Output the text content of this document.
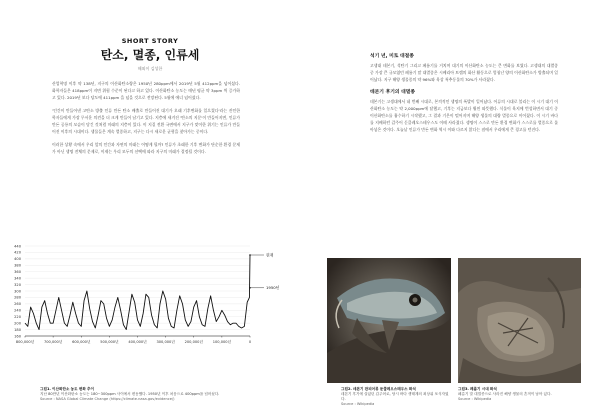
SHORT STORY
탄소, 멸종, 인류세
해외이 김성한

산업혁명 이후 약 138년, 지구의 이산화탄소량은 1950년 280ppm에서 2019년 5월 412ppm을 넘어섰다. 화학자들은 418ppm이 지면 위험 수준이 된다고 하고 있다. 이산화탄소 농도는 매년 평균 약 3ppm 씩 증가하고 있다. 2019년 보다 당도에 411ppm 을 넘을 것으로 전망된다. 5월에 에너 넘어섰다.

'인간이 만들어낸 고탄소 방출 인류 만든 탄소 배출로 만들어진 대기가 오래 기후변화를 일으켰다'라는 잔인한 학자들에게 가장 무서운 의견을 더 크게 만들어 남기고 있다. 지층에 새겨진 '탄소의 지문'이 만들어지면, 인류가 만든 공룡의 모습이 담긴 것처럼 미래의 지층이 있다. 이 지질 전환 국면에서 지구가 맞이한 위기는 인류가 만들어진 이후의 시대이다. 생물들은 계속 멸종하고, 지구는 다시 새로운 균형을 찾아가는 중이다.

이러한 상황 속에서 우리 앞의 인간과 자연의 미래는 어떻게 될까? 인류가 초래한 기후 변화가 단순한 환경 문제가 아닌 생명 전체의 문제로, 이제는 우리 모두의 선택에 따라 지구의 미래가 결정될 것이다.

160
180
200
220
240
260
280
300
320
340
360
380
400
420
440
800,000년	700,000년	600,000년	500,000년	400,000년	300,000년	200,000년	100,000년	0
현재
1950년
그림1. 이산화탄소 농도 변화 추이
지난 80만년 이산화탄소 농도는 180~300ppm 사이에서 변동했다. 1950년 이후 처음으로 400ppm을 넘어섰다.
Source : NASA Global Climate Change (https://climate.nasa.gov/evidence/)
석기 년, 미토 대절종

고생대 데본기, 석탄기 그리고 페름기를 거치며 대기의 이산화탄소 농도는 큰 변화를 보였다. 고생대의 대멸종 중 가장 큰 규모였던 페름기 말 대멸종은 시베리아 트랩의 화산 활동으로 엄청난 양의 이산화탄소가 방출되며 일어났다. 지구 해양 생물종의 약 96%와 육상 척추동물의 70%가 사라졌다.

데본기 후기의 대멸종

데본기는 고생대에서 네 번째 시대로, 본격적인 생명의 폭발이 일어났다. 어류의 시대로 불리는 이 시기 대기 이산화탄소 농도는 약 2,000ppm에 달했고, 기후는 지금보다 훨씬 따뜻했다. 식물이 육지에 번성하면서 대기 중 이산화탄소를 흡수하기 시작했고, 그 결과 기온이 떨어지며 해양 생물의 대량 멸종으로 이어졌다. 이 시기 바다를 지배하던 갑주어 둔클레오스테우스도 이때 사라졌다. 생명이 스스로 만든 환경 변화가 스스로를 멸종으로 몰아넣은 것이다. 오늘날 인류가 만든 변화 역시 이와 다르지 않다는 점에서 우리에게 큰 경고를 던진다.

그림2. 데본기 판피어류 둔클레오스테우스 화석
데본기 후기에 살았던 갑주어로, 당시 바다 생태계의 최상위 포식자였다.
Source : Wikipedia
그림3. 페름기 시대 화석
페름기 말 대멸종으로 사라진 해양 생물의 흔적이 남아 있다.
Source : Wikipedia
